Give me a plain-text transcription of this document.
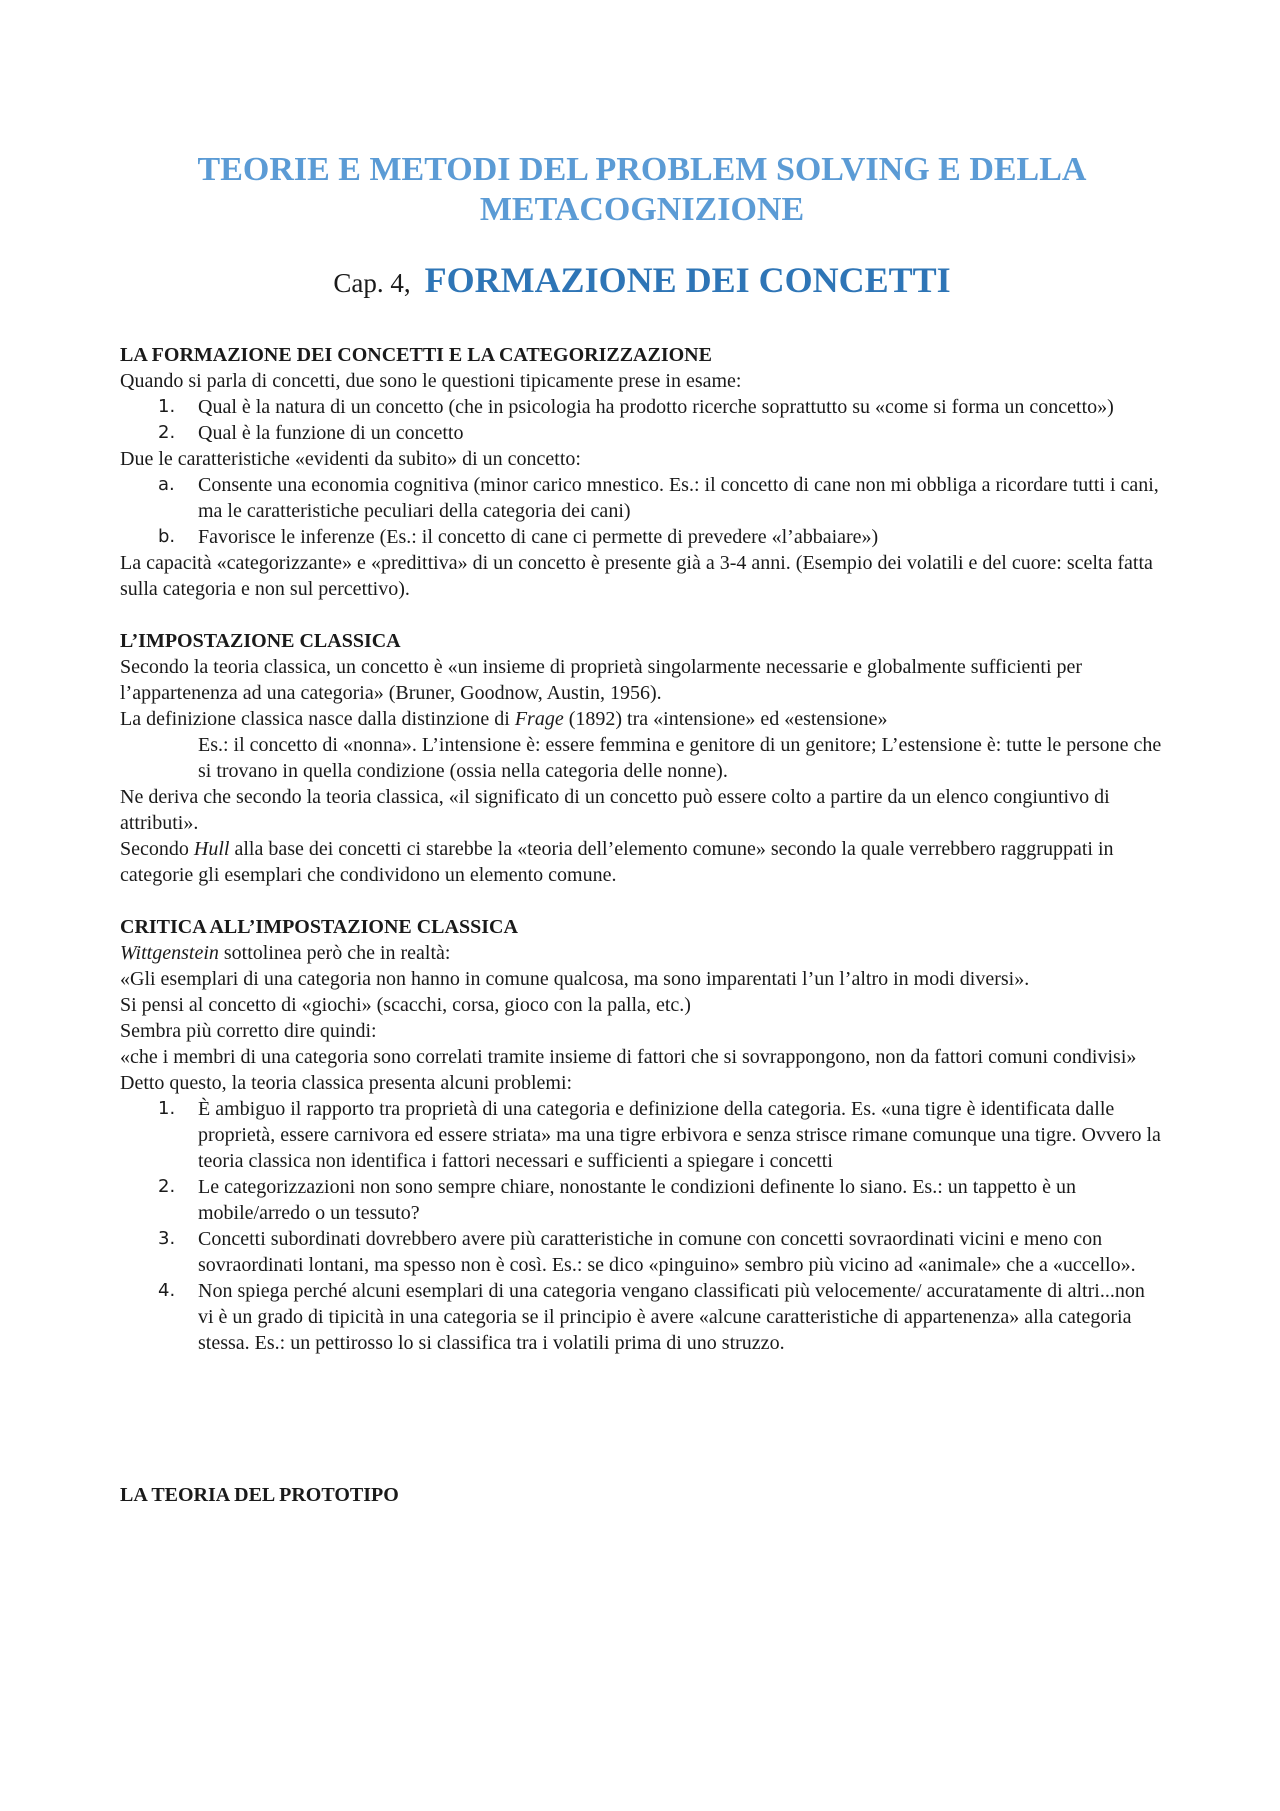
TEORIE E METODI DEL PROBLEM SOLVING E DELLA
METACOGNIZIONE
Cap. 4, FORMAZIONE DEI CONCETTI

LA FORMAZIONE DEI CONCETTI E LA CATEGORIZZAZIONE

Quando si parla di concetti, due sono le questioni tipicamente prese in esame:

1.	Qual è la natura di un concetto (che in psicologia ha prodotto ricerche soprattutto su «come si forma un concetto»)
2.	Qual è la funzione di un concetto

Due le caratteristiche «evidenti da subito» di un concetto:

a.	Consente una economia cognitiva (minor carico mnestico. Es.: il concetto di cane non mi obbliga a ricordare tutti i cani, ma le caratteristiche peculiari della categoria dei cani)
b.	Favorisce le inferenze (Es.: il concetto di cane ci permette di prevedere «l’abbaiare»)

La capacità «categorizzante» e «predittiva» di un concetto è presente già a 3-4 anni. (Esempio dei volatili e del cuore: scelta fatta sulla categoria e non sul percettivo).

L’IMPOSTAZIONE CLASSICA

Secondo la teoria classica, un concetto è «un insieme di proprietà singolarmente necessarie e globalmente sufficienti per l’appartenenza ad una categoria» (Bruner, Goodnow, Austin, 1956).

La definizione classica nasce dalla distinzione di Frage (1892) tra «intensione» ed «estensione»

Es.: il concetto di «nonna». L’intensione è: essere femmina e genitore di un genitore; L’estensione è: tutte le persone che si trovano in quella condizione (ossia nella categoria delle nonne).

Ne deriva che secondo la teoria classica, «il significato di un concetto può essere colto a partire da un elenco congiuntivo di attributi».

Secondo Hull alla base dei concetti ci starebbe la «teoria dell’elemento comune» secondo la quale verrebbero raggruppati in categorie gli esemplari che condividono un elemento comune.

CRITICA ALL’IMPOSTAZIONE CLASSICA

Wittgenstein sottolinea però che in realtà:

«Gli esemplari di una categoria non hanno in comune qualcosa, ma sono imparentati l’un l’altro in modi diversi».

Si pensi al concetto di «giochi» (scacchi, corsa, gioco con la palla, etc.)

Sembra più corretto dire quindi:

«che i membri di una categoria sono correlati tramite insieme di fattori che si sovrappongono, non da fattori comuni condivisi»

Detto questo, la teoria classica presenta alcuni problemi:

1.	È ambiguo il rapporto tra proprietà di una categoria e definizione della categoria. Es. «una tigre è identificata dalle proprietà, essere carnivora ed essere striata» ma una tigre erbivora e senza strisce rimane comunque una tigre. Ovvero la teoria classica non identifica i fattori necessari e sufficienti a spiegare i concetti
2.	Le categorizzazioni non sono sempre chiare, nonostante le condizioni definente lo siano. Es.: un tappetto è un mobile/arredo o un tessuto?
3.	Concetti subordinati dovrebbero avere più caratteristiche in comune con concetti sovraordinati vicini e meno con sovraordinati lontani, ma spesso non è così. Es.: se dico «pinguino» sembro più vicino ad «animale» che a «uccello».
4.	Non spiega perché alcuni esemplari di una categoria vengano classificati più velocemente/ accuratamente di altri...non vi è un grado di tipicità in una categoria se il principio è avere «alcune caratteristiche di appartenenza» alla categoria stessa. Es.: un pettirosso lo si classifica tra i volatili prima di uno struzzo.

LA TEORIA DEL PROTOTIPO
